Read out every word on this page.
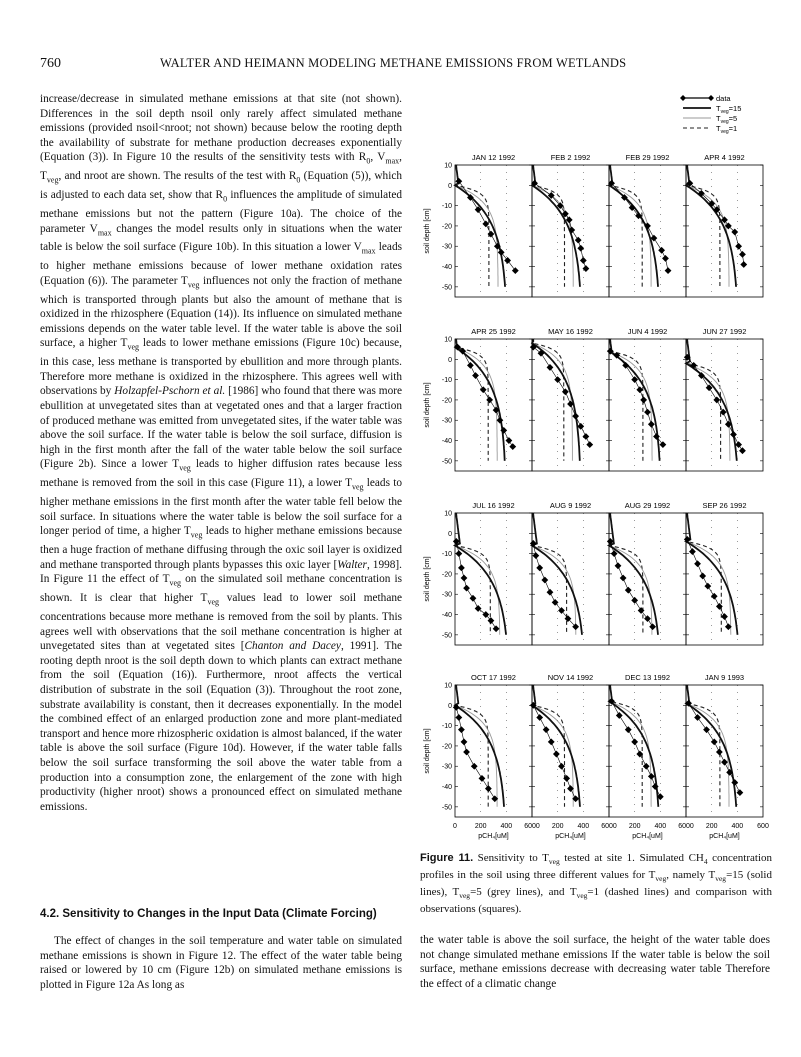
760	WALTER AND HEIMANN MODELING METHANE EMISSIONS FROM WETLANDS

increase/decrease in simulated methane emissions at that site (not shown). Differences in the soil depth nsoil only rarely affect simulated methane emissions (provided nsoil<nroot; not shown) because below the rooting depth the availability of substrate for methane production decreases exponentially (Equation (3)). In Figure 10 the results of the sensitivity tests with $R_0$, $V_{max}$, $T_{veg}$, and nroot are shown. The results of the test with $R_0$ (Equation (5)), which is adjusted to each data set, show that $R_0$ influences the amplitude of simulated methane emissions but not the pattern (Figure 10a). The choice of the parameter $V_{max}$ changes the model results only in situations when the water table is below the soil surface (Figure 10b). In this situation a lower $V_{max}$ leads to higher methane emissions because of lower methane oxidation rates (Equation (6)). The parameter $T_{veg}$ influences not only the fraction of methane which is transported through plants but also the amount of methane that is oxidized in the rhizosphere (Equation (14)). Its influence on simulated methane emissions depends on the water table level. If the water table is above the soil surface, a higher $T_{veg}$ leads to lower methane emissions (Figure 10c) because, in this case, less methane is transported by ebullition and more through plants. Therefore more methane is oxidized in the rhizosphere. This agrees well with observations by Holzapfel-Pschorn et al. [1986] who found that there was more ebullition at unvegetated sites than at vegetated ones and that a larger fraction of produced methane was emitted from unvegetated sites, if the water table was above the soil surface. If the water table is below the soil surface, diffusion is high in the first month after the fall of the water table below the soil surface (Figure 2b). Since a lower $T_{veg}$ leads to higher diffusion rates because less methane is removed from the soil in this case (Figure 11), a lower $T_{veg}$ leads to higher methane emissions in the first month after the water table fell below the soil surface. In situations where the water table is below the soil surface for a longer period of time, a higher $T_{veg}$ leads to higher methane emissions because then a huge fraction of methane diffusing through the oxic soil layer is oxidized and methane transported through plants bypasses this oxic layer [Walter, 1998]. In Figure 11 the effect of $T_{veg}$ on the simulated soil methane concentration is shown. It is clear that higher $T_{veg}$ values lead to lower soil methane concentrations because more methane is removed from the soil by plants. This agrees well with observations that the soil methane concentration is higher at unvegetated sites than at vegetated sites [Chanton and Dacey, 1991]. The rooting depth nroot is the soil depth down to which plants can extract methane from the soil (Equation (16)). Furthermore, nroot affects the vertical distribution of substrate in the soil (Equation (3)). Throughout the root zone, substrate availability is constant, then it decreases exponentially. In the model the combined effect of an enlarged production zone and more plant-mediated transport and hence more rhizospheric oxidation is almost balanced, if the water table is above the soil surface (Figure 10d). However, if the water table falls below the soil surface transforming the soil above the water table from a production into a consumption zone, the enlargement of the zone with high productivity (higher nroot) shows a pronounced effect on simulated methane emissions.

data
$T_{veg}=15$
$T_{veg}=5$
$T_{veg}=1$
JAN 12 1992
10
0
-10
-20
-30
-40
-50
soil depth [cm]
FEB 2 1992	FEB 29 1992	APR 4 1992
APR 25 1992
10
0
-10
-20
-30
-40
-50
soil depth [cm]
MAY 16 1992	JUN 4 1992	JUN 27 1992
JUL 16 1992
10
0
-10
-20
-30
-40
-50
soil depth [cm]
AUG 9 1992	AUG 29 1992	SEP 26 1992
OCT 17 1992
10
0
-10
-20
-30
-40
-50
soil depth [cm]
NOV 14 1992	DEC 13 1992	JAN 9 1993
0	200 400 6000 200 400 6000 200 400 6000 200 400 600
pCH₄[uM]	pCH₄[uM]	pCH₄[uM]	pCH₄[uM]
Figure 11. Sensitivity to $T_{veg}$ tested at site 1. Simulated $CH_4$ concentration profiles in the soil using three different values for $T_{veg}$, namely $T_{veg}=15$ (solid lines), $T_{veg}=5$ (grey lines), and $T_{veg}=1$ (dashed lines) and comparison with observations (squares).
4.2. Sensitivity to Changes in the Input Data (Climate Forcing)

The effect of changes in the soil temperature and water table on simulated methane emissions is shown in Figure 12. The effect of the water table being raised or lowered by 10 cm (Figure 12b) on simulated methane emissions is plotted in Figure 12a As long as

the water table is above the soil surface, the height of the water table does not change simulated methane emissions If the water table is below the soil surface, methane emissions decrease with decreasing water table Therefore the effect of a climatic change
